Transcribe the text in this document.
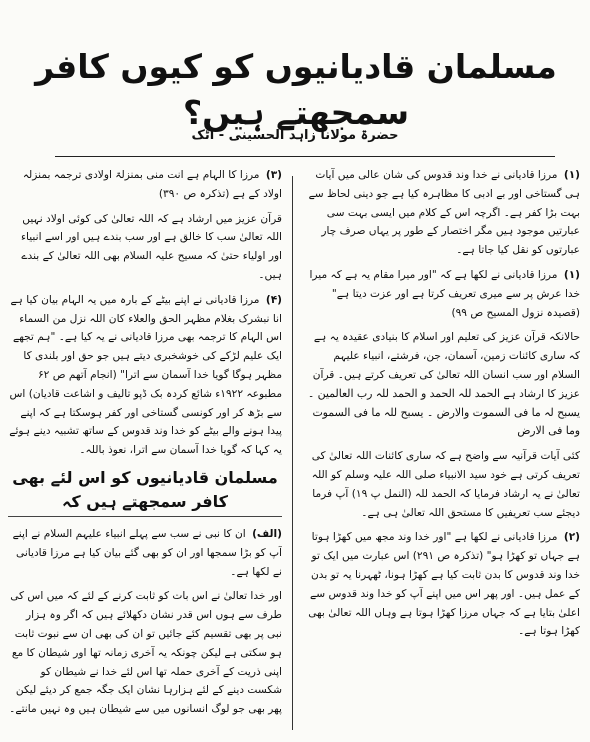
مسلمان قادیانیوں کو کیوں کافر سمجھتے ہیں؟
حضرۃ مولانا زاہد الحسینی - اٹک

(۱) مرزا قادیانی نے خدا وند قدوس کی شان عالی میں آیات ہی گستاخی اور بے ادبی کا مظاہرہ کیا ہے جو دینی لحاظ سے بہت بڑا کفر ہے۔ اگرچہ اس کے کلام میں ایسی بہت سی عبارتیں موجود ہیں مگر اختصار کے طور پر یہاں صرف چار عبارتوں کو نقل کیا جاتا ہے۔

(۱) مرزا قادیانی نے لکھا ہے کہ "اور میرا مقام یہ ہے کہ میرا خدا عرش پر سے میری تعریف کرتا ہے اور عزت دیتا ہے" (قصیدہ نزول المسیح ص ۹۹)

حالانکہ قرآن عزیز کی تعلیم اور اسلام کا بنیادی عقیدہ یہ ہے کہ ساری کائنات زمین، آسمان، جن، فرشتے، انبیاء علیہم السلام اور سب انسان اللہ تعالیٰ کی تعریف کرتے ہیں۔ قرآن عزیز کا ارشاد ہے الحمد للہ الحمد و الحمد للہ رب العالمین ۔ یسبح لہ ما فی السموت والارض ۔ یسبح للہ ما فی السموت وما فی الارض

کئی آیات قرآنیہ سے واضح ہے کہ ساری کائنات اللہ تعالیٰ کی تعریف کرتی ہے خود سید الانبیاء صلی اللہ علیہ وسلم کو اللہ تعالیٰ نے یہ ارشاد فرمایا کہ الحمد للہ (النمل پ ۱۹) آپ فرما دیجئے سب تعریفیں کا مستحق اللہ تعالیٰ ہی ہے۔

(۲) مرزا قادیانی نے لکھا ہے "اور خدا وند مجھ میں کھڑا ہوتا ہے جہاں تو کھڑا ہو" (تذکرہ ص ۲۹۱) اس عبارت میں ایک تو خدا وند قدوس کا بدن ثابت کیا ہے کھڑا ہونا، ٹھہرنا یہ تو بدن کے عمل ہیں۔ اور پھر اس میں اپنے آپ کو خدا وند قدوس سے اعلیٰ بتایا ہے کہ جہاں مرزا کھڑا ہوتا ہے وہاں اللہ تعالیٰ بھی کھڑا ہوتا ہے۔

(۳) مرزا کا الہام ہے انت منی بمنزلۃ اولادی ترجمہ بمنزلہ اولاد کے ہے (تذکرہ ص ۳۹۰)

قرآن عزیز میں ارشاد ہے کہ اللہ تعالیٰ کی کوئی اولاد نہیں اللہ تعالیٰ سب کا خالق ہے اور سب بندے ہیں اور اسے انبیاء اور اولیاء حتیٰ کہ مسیح علیہ السلام بھی اللہ تعالیٰ کے بندے ہیں۔

(۴) مرزا قادیانی نے اپنے بیٹے کے بارہ میں یہ الہام بیان کیا ہے انا نبشرک بغلام مظہر الحق والعلاء کان اللہ نزل من السماء اس الہام کا ترجمہ بھی مرزا قادیانی نے یہ کیا ہے۔ "ہم تجھے ایک علیم لڑکے کی خوشخبری دیتے ہیں جو حق اور بلندی کا مظہر ہوگا گویا خدا آسمان سے اترا" (انجام آتھم ص ۶۲ مطبوعہ ۱۹۲۲ء شائع کردہ بک ڈپو تالیف و اشاعت قادیان) اس سے بڑھ کر اور کونسی گستاخی اور کفر ہوسکتا ہے کہ اپنے پیدا ہونے والے بیٹے کو خدا وند قدوس کے ساتھ تشبیہ دینے ہوئے یہ کہا کہ گویا خدا آسمان سے اترا، نعوذ باللہ۔

مسلمان قادیانیوں کو اس لئے بھی کافر سمجھتے ہیں کہ

(الف) ان کا نبی نے سب سے پہلے انبیاء علیہم السلام نے اپنے آپ کو بڑا سمجھا اور ان کو بھی گئے بیان کیا ہے مرزا قادیانی نے لکھا ہے۔

اور خدا تعالیٰ نے اس بات کو ثابت کرنے کے لئے کہ میں اس کی طرف سے ہوں اس قدر نشان دکھلائے ہیں کہ اگر وہ ہزار نبی پر بھی تقسیم کئے جائیں تو ان کی بھی ان سے نبوت ثابت ہو سکتی ہے لیکن چونکہ یہ آخری زمانہ تھا اور شیطان کا مع اپنی ذریت کے آخری حملہ تھا اس لئے خدا نے شیطان کو شکست دینے کے لئے ہزارہا نشان ایک جگہ جمع کر دیئے لیکن پھر بھی جو لوگ انسانوں میں سے شیطان ہیں وہ نہیں مانتے۔
